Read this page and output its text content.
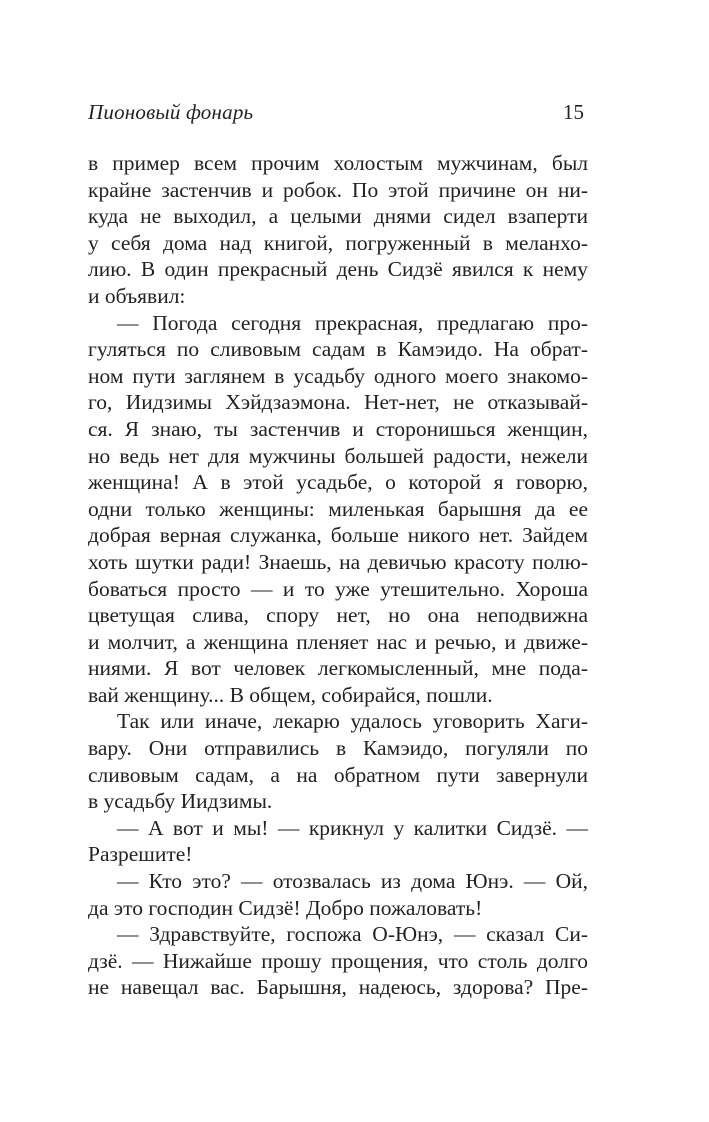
Пионовый фонарь	15
в пример всем прочим холостым мужчинам, был
крайне застенчив и робок. По этой причине он ни-
куда не выходил, а целыми днями сидел взаперти
у себя дома над книгой, погруженный в меланхо-
лию. В один прекрасный день Сидзё явился к нему
и объявил:
— Погода сегодня прекрасная, предлагаю про-
гуляться по сливовым садам в Камэидо. На обрат-
ном пути заглянем в усадьбу одного моего знакомо-
го, Иидзимы Хэйдзаэмона. Нет-нет, не отказывай-
ся. Я знаю, ты застенчив и сторонишься женщин,
но ведь нет для мужчины большей радости, нежели
женщина! А в этой усадьбе, о которой я говорю,
одни только женщины: миленькая барышня да ее
добрая верная служанка, больше никого нет. Зайдем
хоть шутки ради! Знаешь, на девичью красоту полю-
боваться просто — и то уже утешительно. Хороша
цветущая слива, спору нет, но она неподвижна
и молчит, а женщина пленяет нас и речью, и движе-
ниями. Я вот человек легкомысленный, мне пода-
вай женщину... В общем, собирайся, пошли.
Так или иначе, лекарю удалось уговорить Хаги-
вару. Они отправились в Камэидо, погуляли по
сливовым садам, а на обратном пути завернули
в усадьбу Иидзимы.
— А вот и мы! — крикнул у калитки Сидзё. —
Разрешите!
— Кто это? — отозвалась из дома Юнэ. — Ой,
да это господин Сидзё! Добро пожаловать!
— Здравствуйте, госпожа О-Юнэ, — сказал Си-
дзё. — Нижайше прошу прощения, что столь долго
не навещал вас. Барышня, надеюсь, здорова? Пре-
